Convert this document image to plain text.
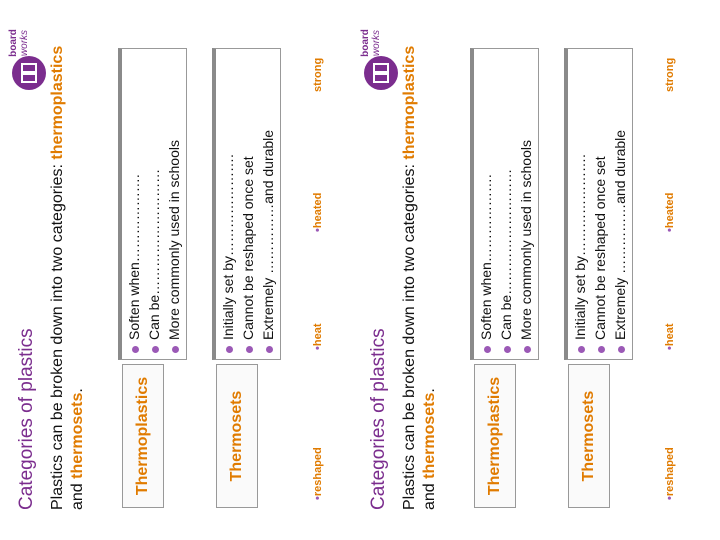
Categories of plastics
board works
Plastics can be broken down into two categories: thermoplastics and thermosets.	Thermoplastics
Soften when………………. Can be……………………… More commonly used in schools
Thermosets
Initially set by…………………. Cannot be reshaped once set Extremely ……………and durable
• reshaped
• heat
• heated
strong
Categories of plastics
board works
Plastics can be broken down into two categories: thermoplastics and thermosets.	Thermoplastics
Soften when………………. Can be……………………… More commonly used in schools
Thermosets
Initially set by…………………. Cannot be reshaped once set Extremely ……………and durable
• reshaped
• heat
• heated
strong
